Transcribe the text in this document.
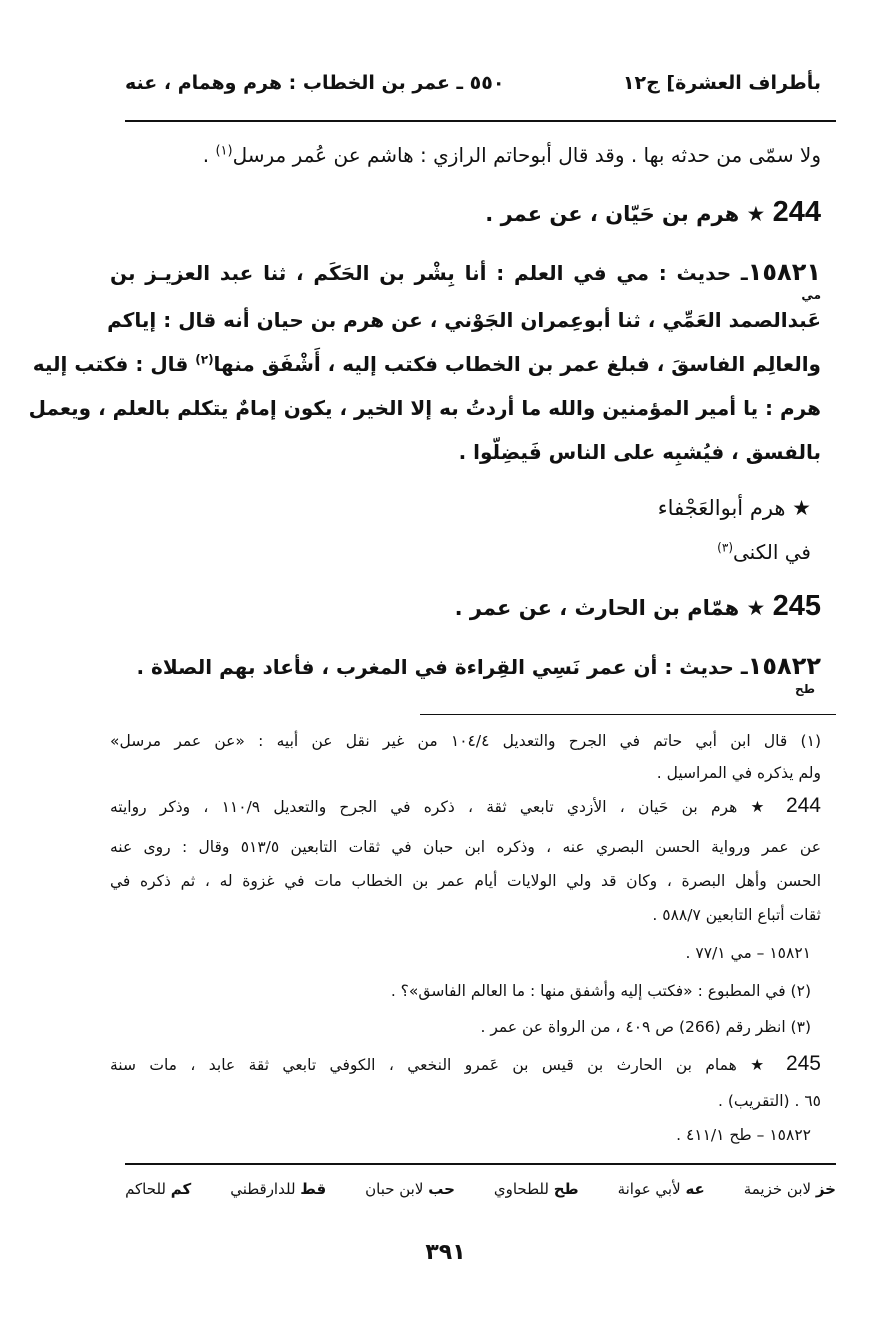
بأطراف العشرة] ج١٢
٥٥٠ ـ عمر بن الخطاب : هرم وهمام ، عنه
ولا سمّى من حدثه بها . وقد قال أبوحاتم الرازي : هاشم عن عُمر مرسل$^{(١)}$ .
244 ★ هرم بن حَيّان ، عن عمر .
١٥٨٢١ـ حديث : مي في العلم : أنا بِشْر بن الحَكَم ، ثنا عبد العزيـز بن
مي
عَبدالصمد العَمِّي ، ثنا أبوعِمران الجَوْني ، عن هرم بن حيان أنه قال : إياكم
والعالِم الفاسقَ ، فبلغ عمر بن الخطاب فكتب إليه ، أَشْفَق منها$^{(٢)}$ قال : فكتب إليه
هرم : يا أمير المؤمنين والله ما أردتُ به إلا الخير ، يكون إمامٌ يتكلم بالعلم ، ويعمل
بالفسق ، فيُشبِه على الناس فَيضِلّوا .
★ هرم أبوالعَجْفاء
في الكنى$^{(٣)}$
245 ★ همّام بن الحارث ، عن عمر .
١٥٨٢٢ـ حديث : أن عمر نَسِي القِراءة في المغرب ، فأعاد بهم الصلاة .
طح
(١) قال ابن أبي حاتم في الجرح والتعديل ١٠٤/٤ من غير نقل عن أبيه : «عن عمر مرسل»
ولم يذكره في المراسيل .
244 ★ هرم بن حَيان ، الأزدي تابعي ثقة ، ذكره في الجرح والتعديل ١١٠/٩ ، وذكر روايته
عن عمر ورواية الحسن البصري عنه ، وذكره ابن حبان في ثقات التابعين ٥١٣/٥ وقال : روى عنه
الحسن وأهل البصرة ، وكان قد ولي الولايات أيام عمر بن الخطاب مات في غزوة له ، ثم ذكره في
ثقات أتباع التابعين ٥٨٨/٧ .
١٥٨٢١ – مي ٧٧/١ .
(٢) في المطبوع : «فكتب إليه وأشفق منها : ما العالم الفاسق»؟ .
(٣) انظر رقم (266) ص ٤٠٩ ، من الرواة عن عمر .
245 ★ همام بن الحارث بن قيس بن عَمرو النخعي ، الكوفي تابعي ثقة عابد ، مات سنة
٦٥ . (التقريب) .
١٥٨٢٢ – طح ٤١١/١ .
خز لابن خزيمة
عه لأبي عوانة
طح للطحاوي
حب لابن حبان
قط للدارقطني
كم للحاكم
٣٩١
